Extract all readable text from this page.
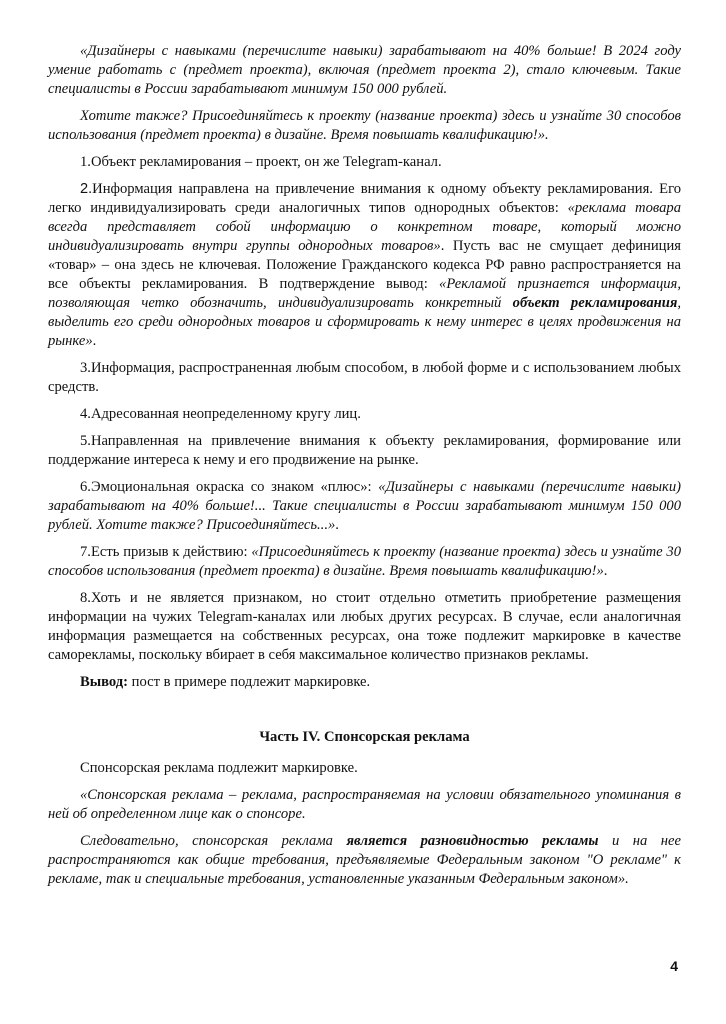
«Дизайнеры с навыками (перечислите навыки) зарабатывают на 40% больше! В 2024 году умение работать с (предмет проекта), включая (предмет проекта 2), стало ключевым. Такие специалисты в России зарабатывают минимум 150 000 рублей.

Хотите также? Присоединяйтесь к проекту (название проекта) здесь и узнайте 30 способов использования (предмет проекта) в дизайне. Время повышать квалификацию!».

1.Объект рекламирования – проект, он же Telegram-канал.

2.Информация направлена на привлечение внимания к одному объекту рекламирования. Его легко индивидуализировать среди аналогичных типов однородных объектов: «реклама товара всегда представляет собой информацию о конкретном товаре, который можно индивидуализировать внутри группы однородных товаров». Пусть вас не смущает дефиниция «товар» – она здесь не ключевая. Положение Гражданского кодекса РФ равно распространяется на все объекты рекламирования. В подтверждение вывод: «Рекламой признается информация, позволяющая четко обозначить, индивидуализировать конкретный объект рекламирования, выделить его среди однородных товаров и сформировать к нему интерес в целях продвижения на рынке».

3.Информация, распространенная любым способом, в любой форме и с использованием любых средств.

4.Адресованная неопределенному кругу лиц.

5.Направленная на привлечение внимания к объекту рекламирования, формирование или поддержание интереса к нему и его продвижение на рынке.

6.Эмоциональная окраска со знаком «плюс»: «Дизайнеры с навыками (перечислите навыки) зарабатывают на 40% больше!... Такие специалисты в России зарабатывают минимум 150 000 рублей. Хотите также? Присоединяйтесь...».

7.Есть призыв к действию: «Присоединяйтесь к проекту (название проекта) здесь и узнайте 30 способов использования (предмет проекта) в дизайне. Время повышать квалификацию!».

8.Хоть и не является признаком, но стоит отдельно отметить приобретение размещения информации на чужих Telegram-каналах или любых других ресурсах. В случае, если аналогичная информация размещается на собственных ресурсах, она тоже подлежит маркировке в качестве саморекламы, поскольку вбирает в себя максимальное количество признаков рекламы.

Вывод: пост в примере подлежит маркировке.

Часть IV. Спонсорская реклама

Спонсорская реклама подлежит маркировке.

«Спонсорская реклама – реклама, распространяемая на условии обязательного упоминания в ней об определенном лице как о спонсоре.

Следовательно, спонсорская реклама является разновидностью рекламы и на нее распространяются как общие требования, предъявляемые Федеральным законом "О рекламе" к рекламе, так и специальные требования, установленные указанным Федеральным законом».

4
